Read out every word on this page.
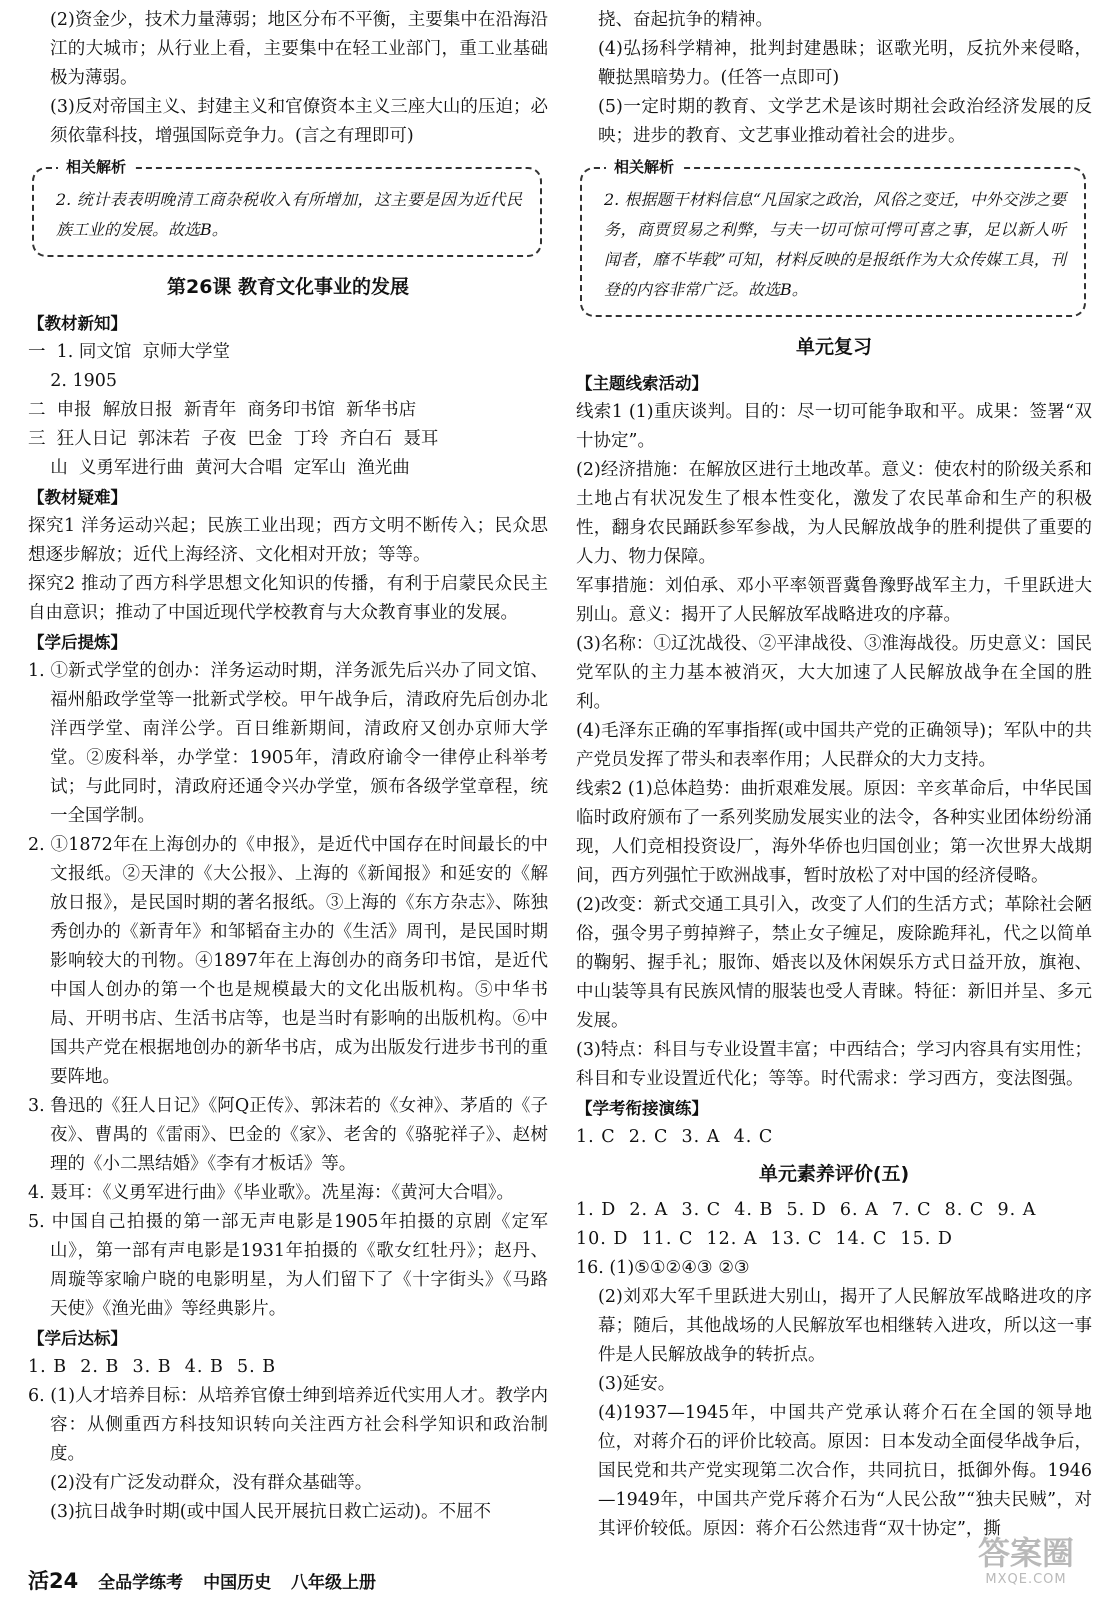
(2)资金少，技术力量薄弱；地区分布不平衡，主要集中在沿海沿江的大城市；从行业上看，主要集中在轻工业部门，重工业基础极为薄弱。

(3)反对帝国主义、封建主义和官僚资本主义三座大山的压迫；必须依靠科技，增强国际竞争力。(言之有理即可)

相关解析

2. 统计表表明晚清工商杂税收入有所增加，这主要是因为近代民族工业的发展。故选B。

第26课 教育文化事业的发展

【教材新知】

一  1. 同文馆  京师大学堂

2. 1905

二  申报  解放日报  新青年  商务印书馆  新华书店

三  狂人日记  郭沫若  子夜  巴金  丁玲  齐白石  聂耳

山  义勇军进行曲  黄河大合唱  定军山  渔光曲

【教材疑难】

探究1 洋务运动兴起；民族工业出现；西方文明不断传入；民众思想逐步解放；近代上海经济、文化相对开放；等等。

探究2 推动了西方科学思想文化知识的传播，有利于启蒙民众民主自由意识；推动了中国近现代学校教育与大众教育事业的发展。

【学后提炼】

1. ①新式学堂的创办：洋务运动时期，洋务派先后兴办了同文馆、福州船政学堂等一批新式学校。甲午战争后，清政府先后创办北洋西学堂、南洋公学。百日维新期间，清政府又创办京师大学堂。②废科举，办学堂：1905年，清政府谕令一律停止科举考试；与此同时，清政府还通令兴办学堂，颁布各级学堂章程，统一全国学制。

2. ①1872年在上海创办的《申报》，是近代中国存在时间最长的中文报纸。②天津的《大公报》、上海的《新闻报》和延安的《解放日报》，是民国时期的著名报纸。③上海的《东方杂志》、陈独秀创办的《新青年》和邹韬奋主办的《生活》周刊，是民国时期影响较大的刊物。④1897年在上海创办的商务印书馆，是近代中国人创办的第一个也是规模最大的文化出版机构。⑤中华书局、开明书店、生活书店等，也是当时有影响的出版机构。⑥中国共产党在根据地创办的新华书店，成为出版发行进步书刊的重要阵地。

3. 鲁迅的《狂人日记》《阿Q正传》、郭沫若的《女神》、茅盾的《子夜》、曹禺的《雷雨》、巴金的《家》、老舍的《骆驼祥子》、赵树理的《小二黑结婚》《李有才板话》等。

4. 聂耳：《义勇军进行曲》《毕业歌》。冼星海：《黄河大合唱》。

5. 中国自己拍摄的第一部无声电影是1905年拍摄的京剧《定军山》，第一部有声电影是1931年拍摄的《歌女红牡丹》；赵丹、周璇等家喻户晓的电影明星，为人们留下了《十字街头》《马路天使》《渔光曲》等经典影片。

【学后达标】

1. B  2. B  3. B  4. B  5. B

6. (1)人才培养目标：从培养官僚士绅到培养近代实用人才。教学内容：从侧重西方科技知识转向关注西方社会科学知识和政治制度。

(2)没有广泛发动群众，没有群众基础等。

(3)抗日战争时期(或中国人民开展抗日救亡运动)。不屈不

挠、奋起抗争的精神。

(4)弘扬科学精神，批判封建愚昧；讴歌光明，反抗外来侵略，鞭挞黑暗势力。(任答一点即可)

(5)一定时期的教育、文学艺术是该时期社会政治经济发展的反映；进步的教育、文艺事业推动着社会的进步。

相关解析

2. 根据题干材料信息“凡国家之政治，风俗之变迁，中外交涉之要务，商贾贸易之利弊，与夫一切可惊可愕可喜之事，足以新人听闻者，靡不毕载”可知，材料反映的是报纸作为大众传媒工具，刊登的内容非常广泛。故选B。

单元复习

【主题线索活动】

线索1 (1)重庆谈判。目的：尽一切可能争取和平。成果：签署“双十协定”。

(2)经济措施：在解放区进行土地改革。意义：使农村的阶级关系和土地占有状况发生了根本性变化，激发了农民革命和生产的积极性，翻身农民踊跃参军参战，为人民解放战争的胜利提供了重要的人力、物力保障。

军事措施：刘伯承、邓小平率领晋冀鲁豫野战军主力，千里跃进大别山。意义：揭开了人民解放军战略进攻的序幕。

(3)名称：①辽沈战役、②平津战役、③淮海战役。历史意义：国民党军队的主力基本被消灭，大大加速了人民解放战争在全国的胜利。

(4)毛泽东正确的军事指挥(或中国共产党的正确领导)；军队中的共产党员发挥了带头和表率作用；人民群众的大力支持。

线索2 (1)总体趋势：曲折艰难发展。原因：辛亥革命后，中华民国临时政府颁布了一系列奖励发展实业的法令，各种实业团体纷纷涌现，人们竞相投资设厂，海外华侨也归国创业；第一次世界大战期间，西方列强忙于欧洲战事，暂时放松了对中国的经济侵略。

(2)改变：新式交通工具引入，改变了人们的生活方式；革除社会陋俗，强令男子剪掉辫子，禁止女子缠足，废除跪拜礼，代之以简单的鞠躬、握手礼；服饰、婚丧以及休闲娱乐方式日益开放，旗袍、中山装等具有民族风情的服装也受人青睐。特征：新旧并呈、多元发展。

(3)特点：科目与专业设置丰富；中西结合；学习内容具有实用性；科目和专业设置近代化；等等。时代需求：学习西方，变法图强。

【学考衔接演练】

1. C  2. C  3. A  4. C

单元素养评价(五)

1. D  2. A  3. C  4. B  5. D  6. A  7. C  8. C  9. A

10. D  11. C  12. A  13. C  14. C  15. D

16. (1)⑤①②④③ ②③

(2)刘邓大军千里跃进大别山，揭开了人民解放军战略进攻的序幕；随后，其他战场的人民解放军也相继转入进攻，所以这一事件是人民解放战争的转折点。

(3)延安。

(4)1937—1945年，中国共产党承认蒋介石在全国的领导地位，对蒋介石的评价比较高。原因：日本发动全面侵华战争后，国民党和共产党实现第二次合作，共同抗日，抵御外侮。1946—1949年，中国共产党斥蒋介石为“人民公敌”“独夫民贼”，对其评价较低。原因：蒋介石公然违背“双十协定”，撕

活24 全品学练考 中国历史 八年级上册
答案圈
MXQE.COM
